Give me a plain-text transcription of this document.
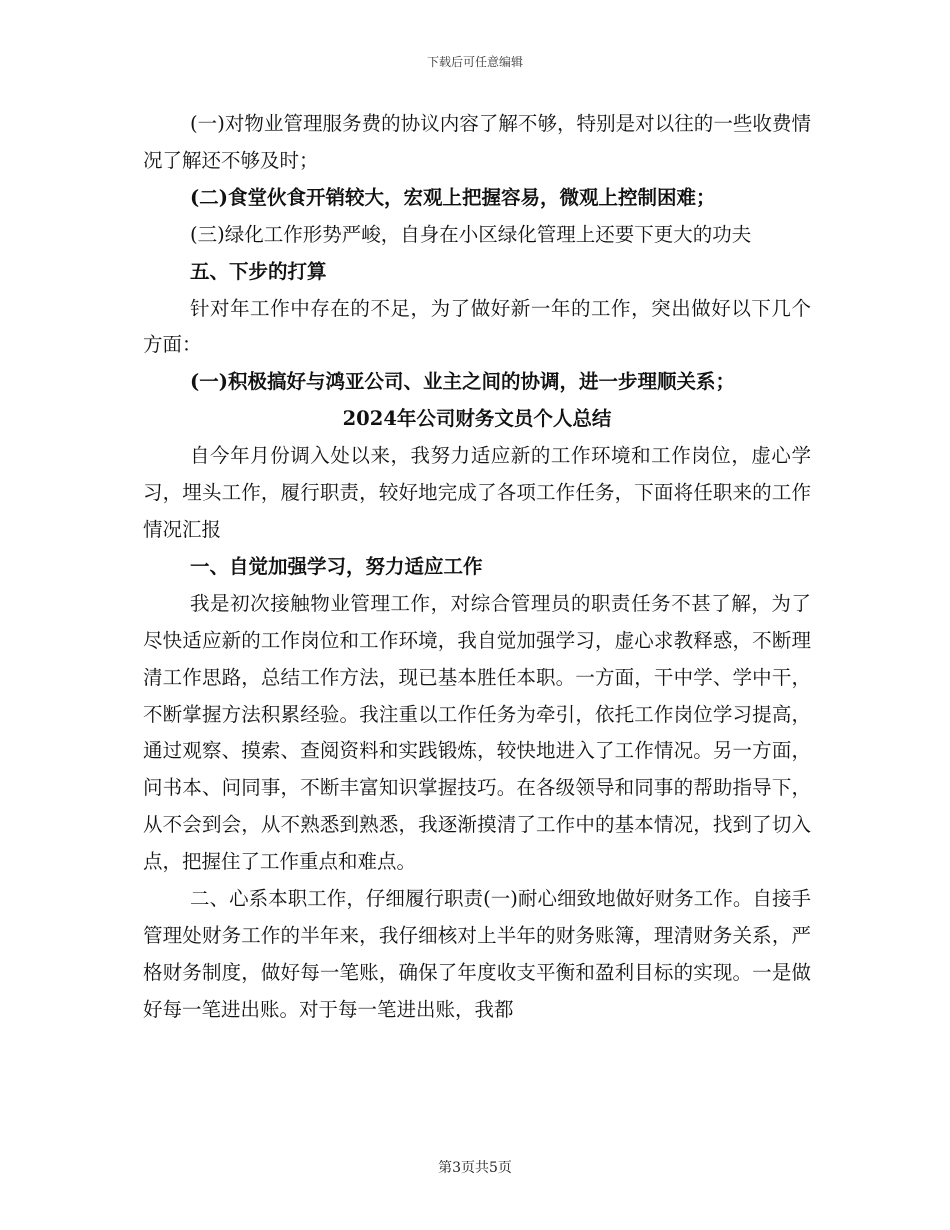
下载后可任意编辑

(一)对物业管理服务费的协议内容了解不够，特别是对以往的一些收费情况了解还不够及时；

(二)食堂伙食开销较大，宏观上把握容易，微观上控制困难；

(三)绿化工作形势严峻，自身在小区绿化管理上还要下更大的功夫

五、下步的打算

针对年工作中存在的不足，为了做好新一年的工作，突出做好以下几个方面：

(一)积极搞好与鸿亚公司、业主之间的协调，进一步理顺关系；

2024年公司财务文员个人总结

自今年月份调入处以来，我努力适应新的工作环境和工作岗位，虚心学习，埋头工作，履行职责，较好地完成了各项工作任务，下面将任职来的工作情况汇报

一、自觉加强学习，努力适应工作

我是初次接触物业管理工作，对综合管理员的职责任务不甚了解，为了尽快适应新的工作岗位和工作环境，我自觉加强学习，虚心求教释惑，不断理清工作思路，总结工作方法，现已基本胜任本职。一方面，干中学、学中干，不断掌握方法积累经验。我注重以工作任务为牵引，依托工作岗位学习提高，通过观察、摸索、查阅资料和实践锻炼，较快地进入了工作情况。另一方面，问书本、问同事，不断丰富知识掌握技巧。在各级领导和同事的帮助指导下，从不会到会，从不熟悉到熟悉，我逐渐摸清了工作中的基本情况，找到了切入点，把握住了工作重点和难点。

二、心系本职工作，仔细履行职责(一)耐心细致地做好财务工作。自接手管理处财务工作的半年来，我仔细核对上半年的财务账簿，理清财务关系，严格财务制度，做好每一笔账，确保了年度收支平衡和盈利目标的实现。一是做好每一笔进出账。对于每一笔进出账，我都

第3页共5页
